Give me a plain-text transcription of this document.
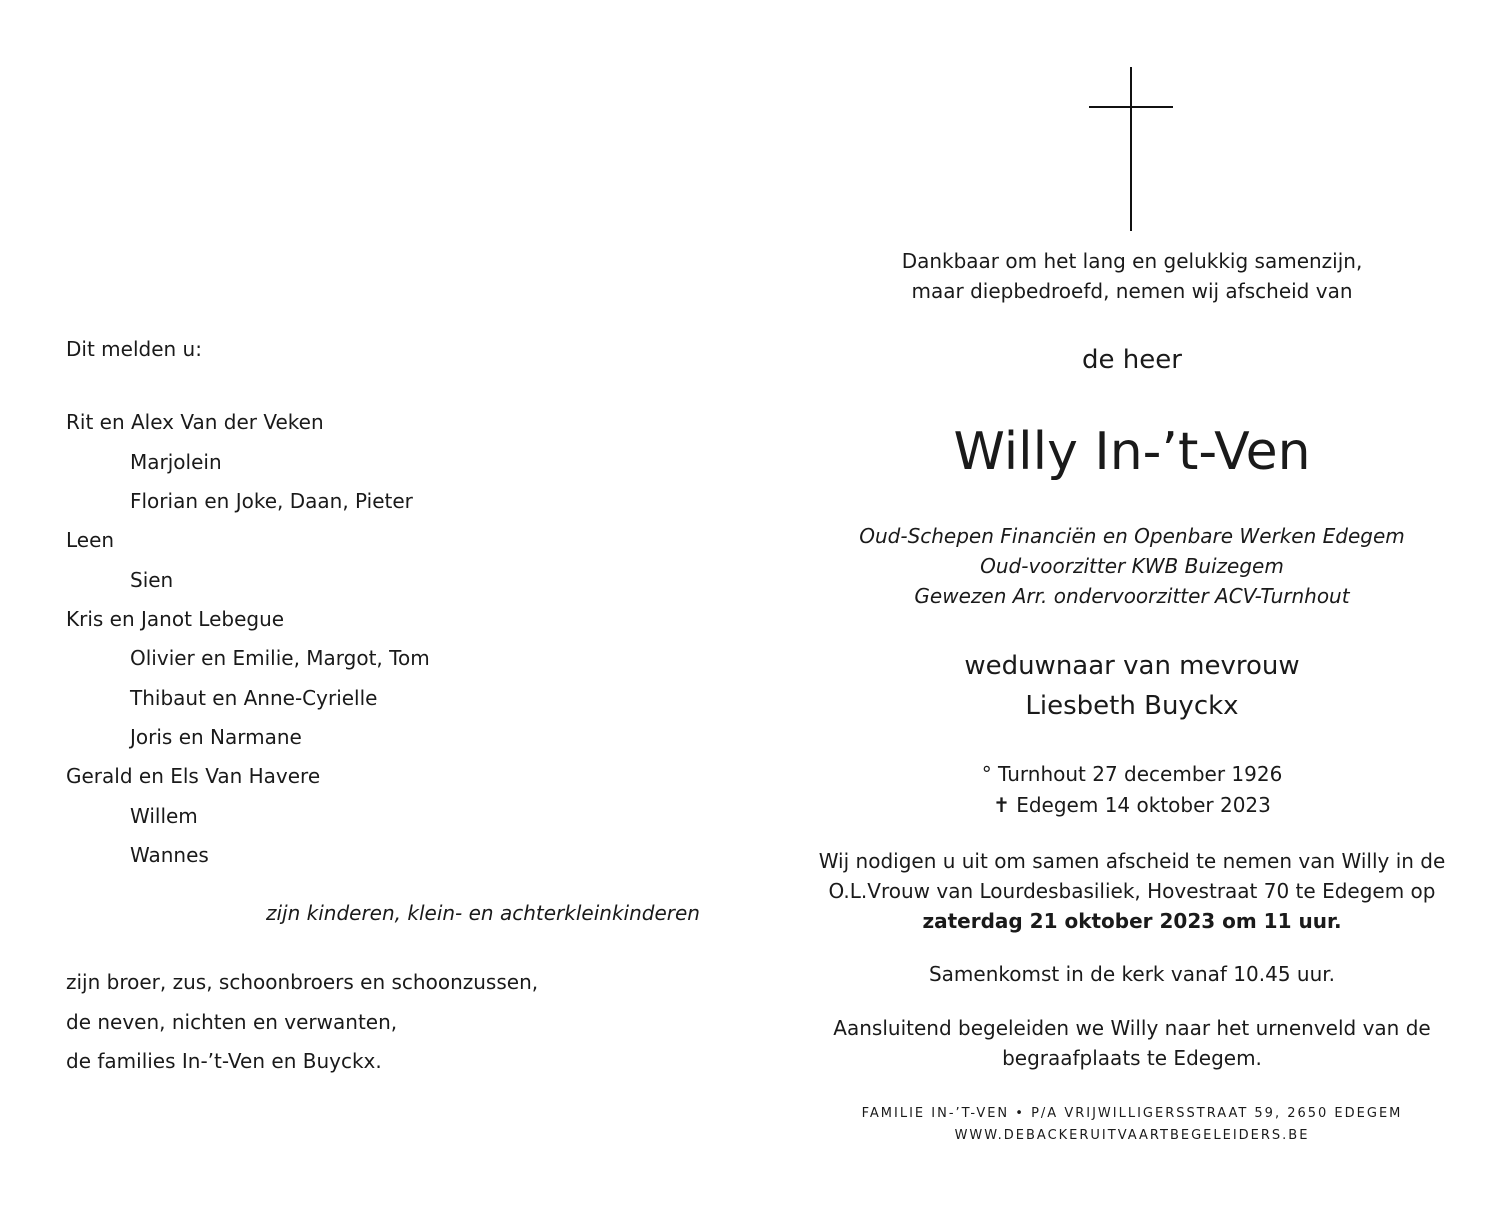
Dit melden u:
Rit en Alex Van der Veken
Marjolein
Florian en Joke, Daan, Pieter
Leen
Sien
Kris en Janot Lebegue
Olivier en Emilie, Margot, Tom
Thibaut en Anne-Cyrielle
Joris en Narmane
Gerald en Els Van Havere
Willem
Wannes
zijn kinderen, klein- en achterkleinkinderen
zijn broer, zus, schoonbroers en schoonzussen,
de neven, nichten en verwanten,
de families In-’t-Ven en Buyckx.
Dankbaar om het lang en gelukkig samenzijn,
maar diepbedroefd, nemen wij afscheid van
de heer
Willy In-’t-Ven
Oud-Schepen Financiën en Openbare Werken Edegem
Oud-voorzitter KWB Buizegem
Gewezen Arr. ondervoorzitter ACV-Turnhout
weduwnaar van mevrouw
Liesbeth Buyckx
° Turnhout 27 december 1926
✝ Edegem 14 oktober 2023
Wij nodigen u uit om samen afscheid te nemen van Willy in de
O.L.Vrouw van Lourdesbasiliek, Hovestraat 70 te Edegem op
zaterdag 21 oktober 2023 om 11 uur.
Samenkomst in de kerk vanaf 10.45 uur.
Aansluitend begeleiden we Willy naar het urnenveld van de
begraafplaats te Edegem.
FAMILIE IN-’T-VEN • P/A VRIJWILLIGERSSTRAAT 59, 2650 EDEGEM
WWW.DEBACKERUITVAARTBEGELEIDERS.BE
